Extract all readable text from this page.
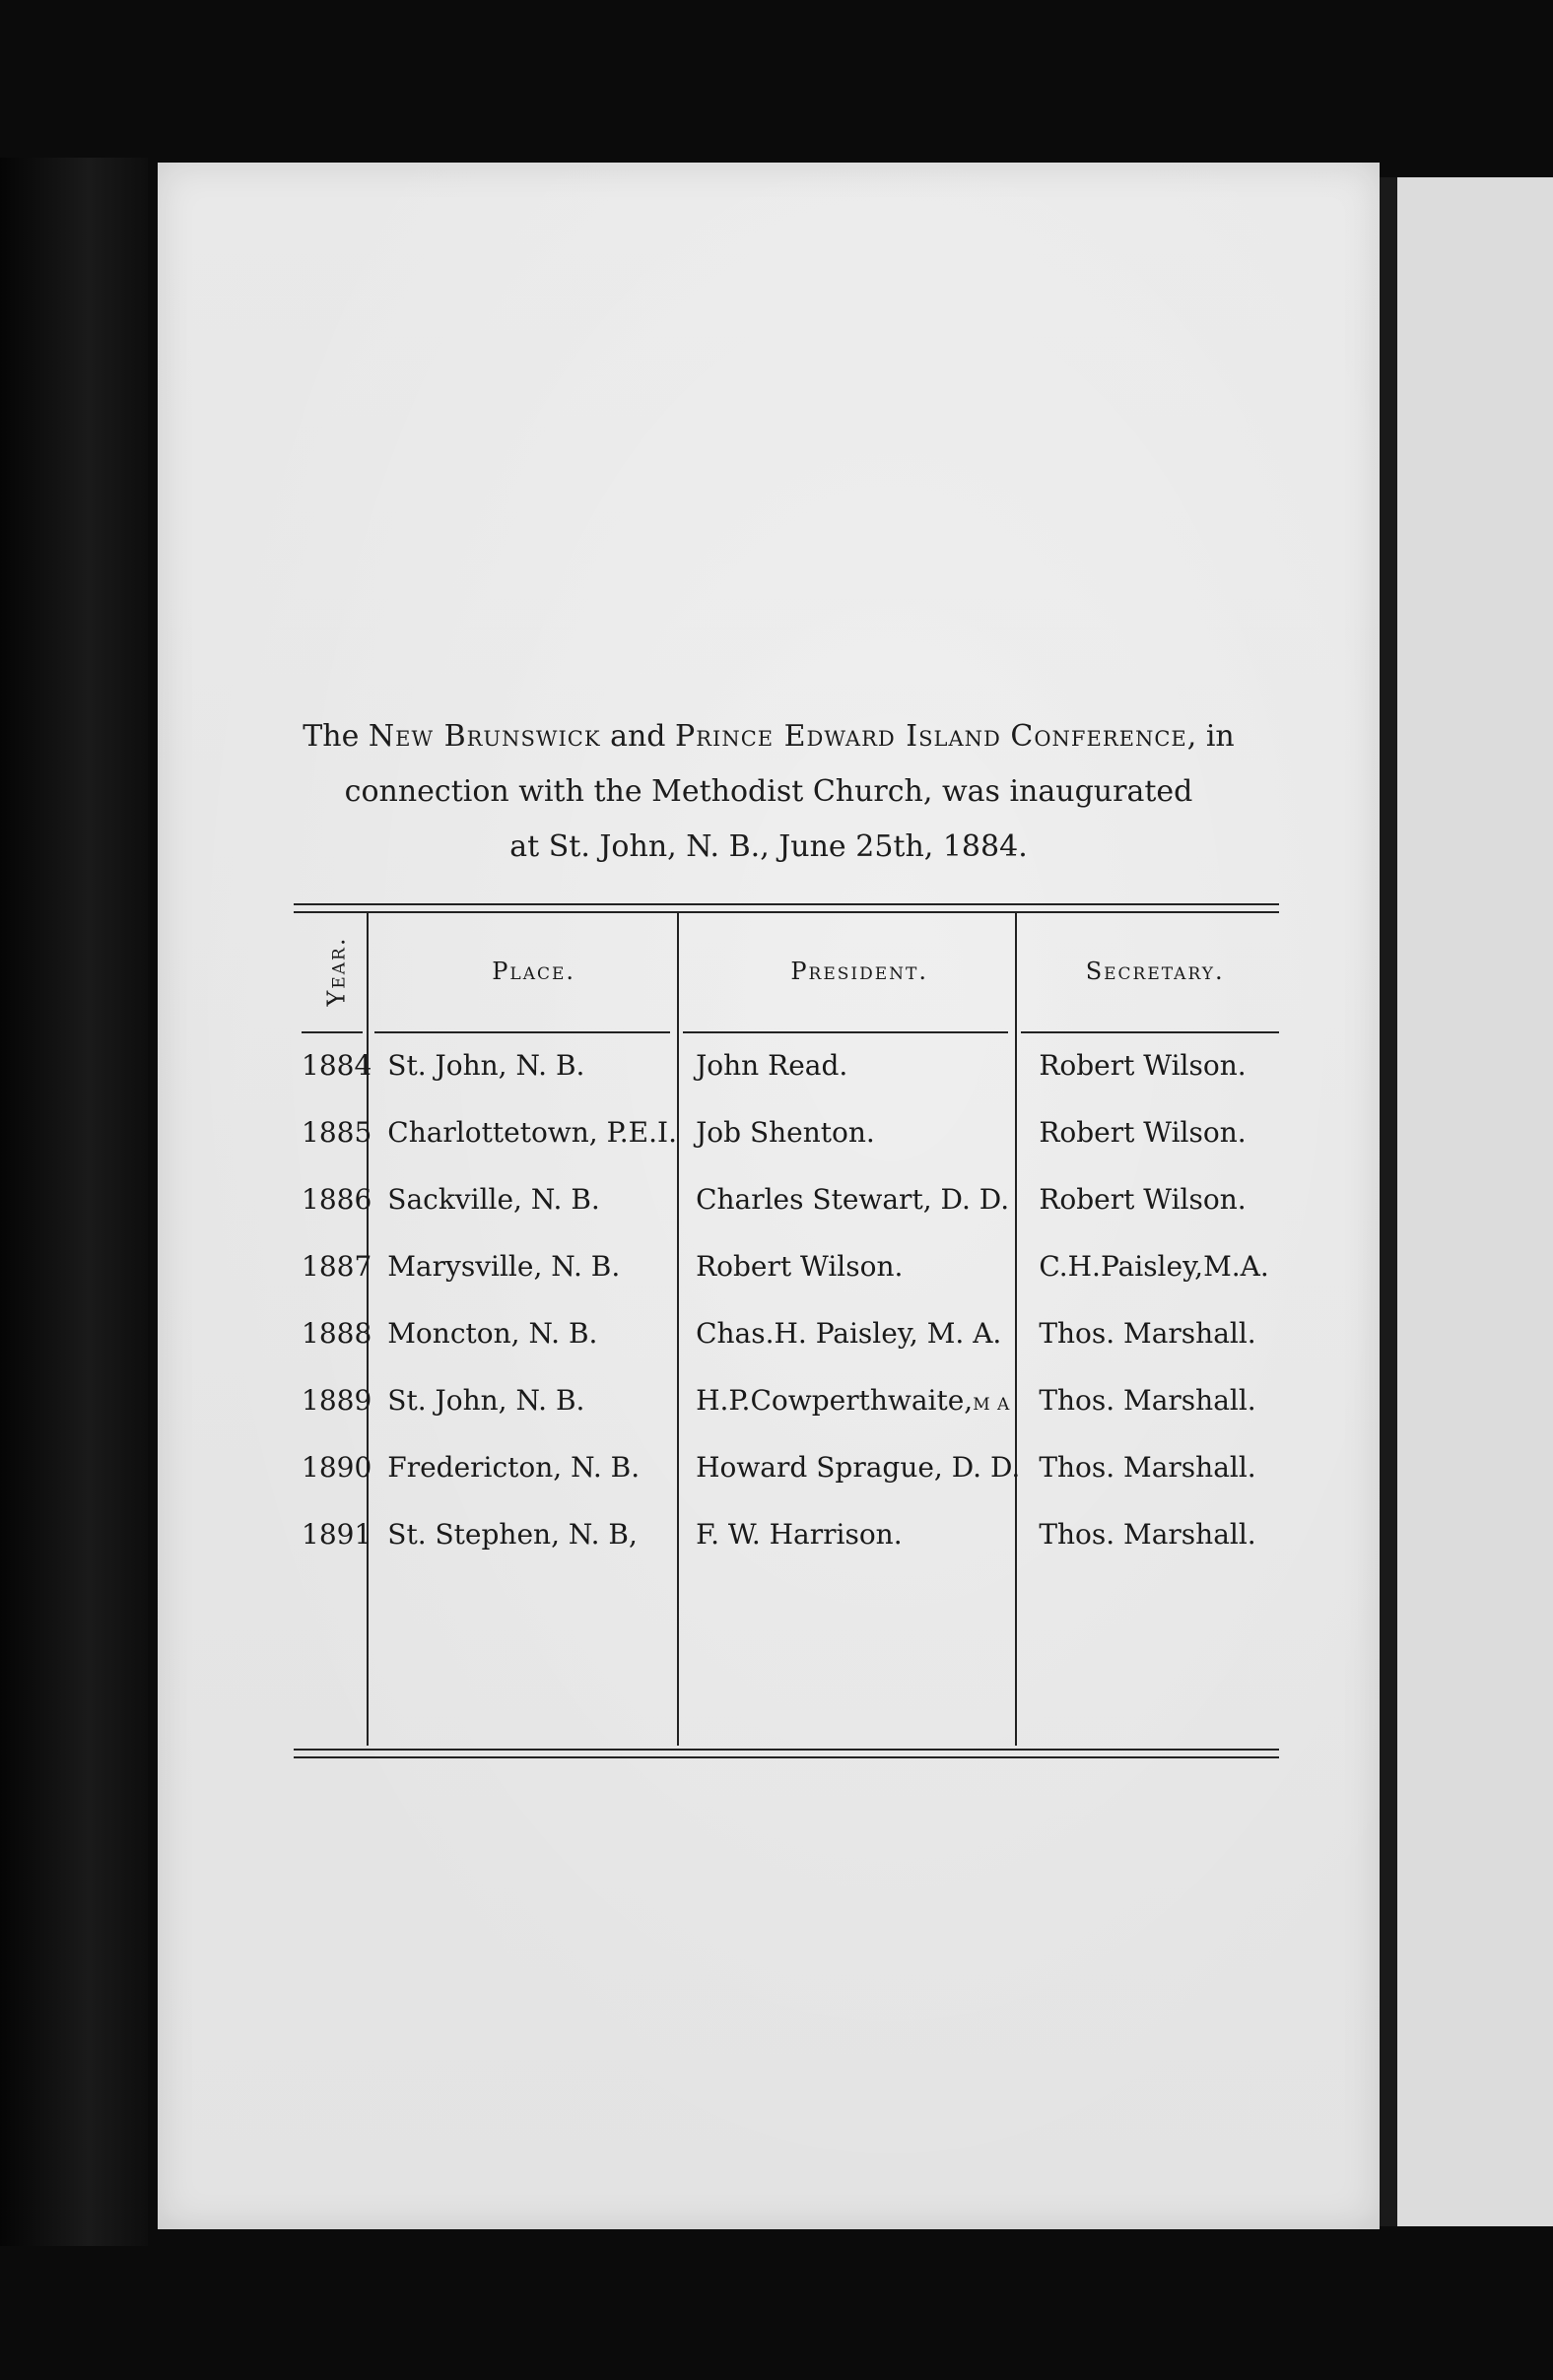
The New Brunswick and Prince Edward Island Conference, in
connection with the Methodist Church, was inaugurated
at St. John, N. B., June 25th, 1884.
Year.	Place.	President.	Secretary.
1884	St. John, N. B.	John Read.	Robert Wilson.
1885	Charlottetown, P.E.I.	Job Shenton.	Robert Wilson.
1886	Sackville, N. B.	Charles Stewart, D. D.	Robert Wilson.
1887	Marysville, N. B.	Robert Wilson.	C.H.Paisley,M.A.
1888	Moncton, N. B.	Chas.H. Paisley, M. A.	Thos. Marshall.
1889	St. John, N. B.	H.P.Cowperthwaite,M A	Thos. Marshall.
1890	Fredericton, N. B.	Howard Sprague, D. D.	Thos. Marshall.
1891	St. Stephen, N. B,	F. W. Harrison.	Thos. Marshall.
